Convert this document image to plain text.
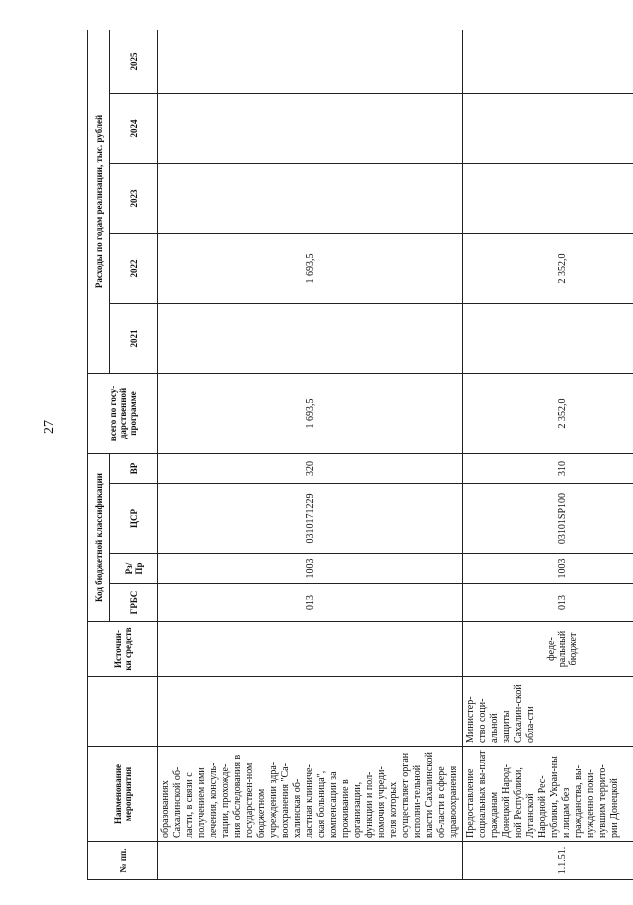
27
№ пп.	Наименование мероприятия		Источни-ки средств	Код бюджетной классификации				всего по госу-дарственной программе	Расходы по годам реализации, тыс. рублей				
				ГРБС	Рз/ Пр	ЦСР	ВР		2021	2022	2023	2024	2025
	образованиях Сахалинской об-ласти, в связи с получением ими лечения, консуль-тации, прохожде-ния обследования в государствен-ном бюджетном учреждении здра-воохранения "Са-халинская об-ластная клиниче-ская больница", компенсации за проживание в организации, функции и пол-номочия учреди-теля которых осуществляет орган исполни-тельной власти Сахалинской об-ласти в сфере здравоохранения			013	1003	0310171229	320	1 693,5		1 693,5			
1.1.51.	Предоставление социальных вы-плат гражданам Донецкой Народ-ной Республики, Луганской Народной Рес-публики, Украи-ны и лицам без гражданства, вы-нужденно поки-нувшим террито-рии Донецкой	Министер-ство соци-альной защиты Сахалин-ской обла-сти	феде-ральный бюджет	013	1003	03101SP100	310	2 352,0		2 352,0			
